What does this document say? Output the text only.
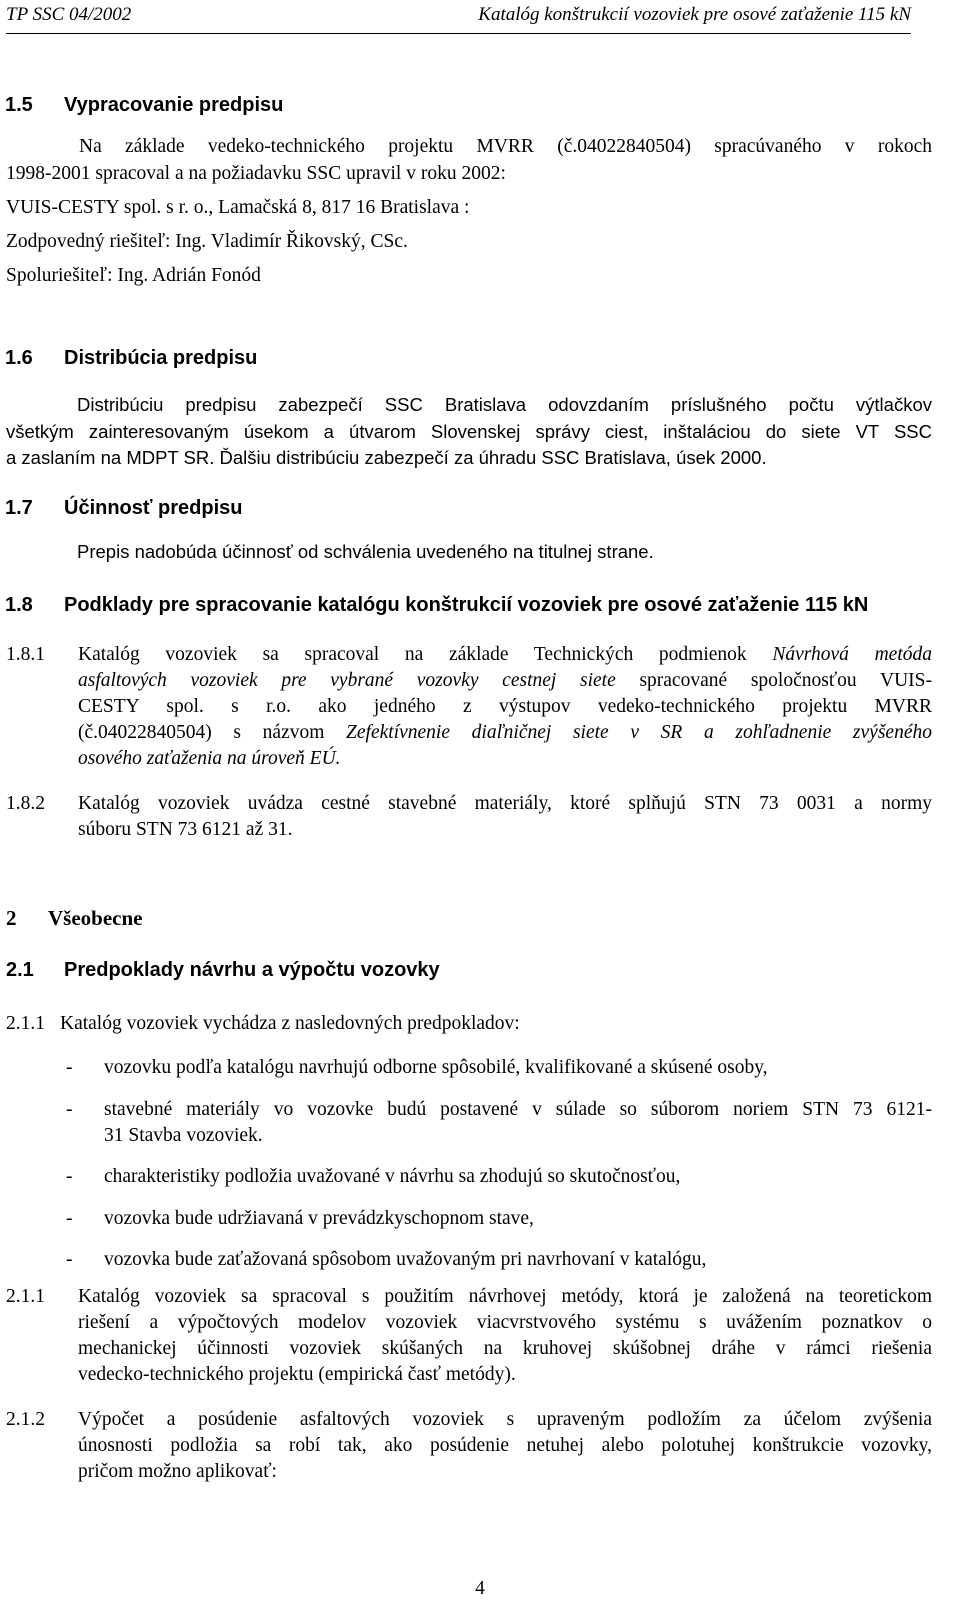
TP SSC 04/2002	Katalóg konštrukcií vozoviek pre osové zaťaženie 115 kN
1.5 Vypracovanie predpisu
Na základe vedeko-technického projektu MVRR (č.04022840504) spracúvaného v rokoch
1998-2001 spracoval a na požiadavku SSC upravil v roku 2002:
VUIS-CESTY spol. s r. o., Lamačská 8, 817 16 Bratislava :
Zodpovedný riešiteľ: Ing. Vladimír Řikovský, CSc.
Spoluriešiteľ: Ing. Adrián Fonód
1.6 Distribúcia predpisu
Distribúciu predpisu zabezpečí SSC Bratislava odovzdaním príslušného počtu výtlačkov
všetkým zainteresovaným úsekom a útvarom Slovenskej správy ciest, inštaláciou do siete VT SSC
a zaslaním na MDPT SR. Ďalšiu distribúciu zabezpečí za úhradu SSC Bratislava, úsek 2000.
1.7 Účinnosť predpisu
Prepis nadobúda účinnosť od schválenia uvedeného na titulnej strane.
1.8 Podklady pre spracovanie katalógu konštrukcií vozoviek pre osové zaťaženie 115 kN
1.8.1 Katalóg vozoviek sa spracoval na základe Technických podmienok Návrhová metóda
asfaltových vozoviek pre vybrané vozovky cestnej siete spracované spoločnosťou VUIS-
CESTY spol. s r.o. ako jedného z výstupov vedeko-technického projektu MVRR
(č.04022840504) s názvom Zefektívnenie diaľničnej siete v SR a zohľadnenie zvýšeného
osového zaťaženia na úroveň EÚ.
1.8.2 Katalóg vozoviek uvádza cestné stavebné materiály, ktoré splňujú STN 73 0031 a normy
súboru STN 73 6121 až 31.
2 Všeobecne
2.1 Predpoklady návrhu a výpočtu vozovky
2.1.1 Katalóg vozoviek vychádza z nasledovných predpokladov:
- vozovku podľa katalógu navrhujú odborne spôsobilé, kvalifikované a skúsené osoby,
- stavebné materiály vo vozovke budú postavené v súlade so súborom noriem STN 73 6121-
31 Stavba vozoviek.
- charakteristiky podložia uvažované v návrhu sa zhodujú so skutočnosťou,
- vozovka bude udržiavaná v prevádzkyschopnom stave,
- vozovka bude zaťažovaná spôsobom uvažovaným pri navrhovaní v katalógu,
2.1.1 Katalóg vozoviek sa spracoval s použitím návrhovej metódy, ktorá je založená na teoretickom
riešení a výpočtových modelov vozoviek viacvrstvového systému s uvážením poznatkov o
mechanickej účinnosti vozoviek skúšaných na kruhovej skúšobnej dráhe v rámci riešenia
vedecko-technického projektu (empirická časť metódy).
2.1.2 Výpočet a posúdenie asfaltových vozoviek s upraveným podložím za účelom zvýšenia
únosnosti podložia sa robí tak, ako posúdenie netuhej alebo polotuhej konštrukcie vozovky,
pričom možno aplikovať:
4
